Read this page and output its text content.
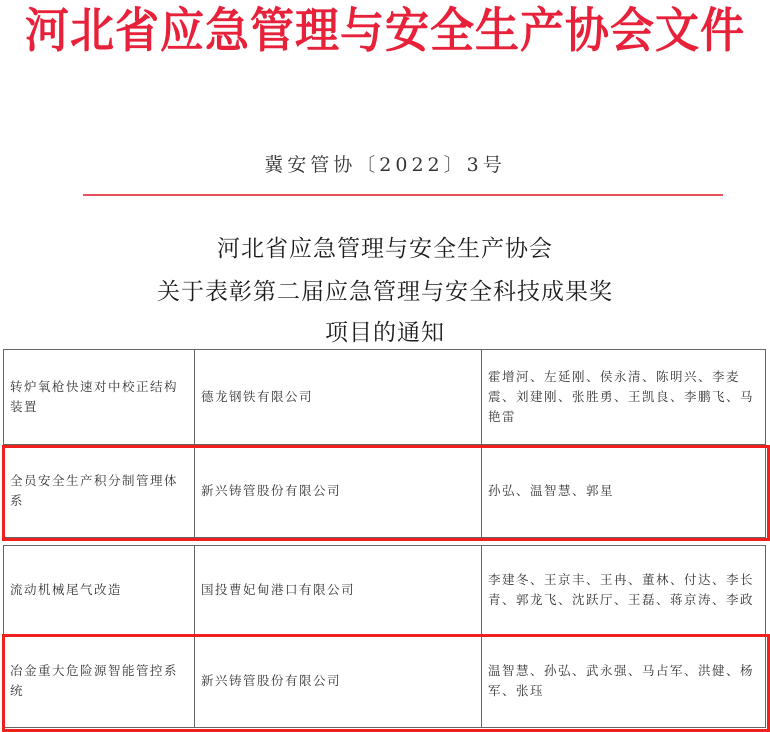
河北省应急管理与安全生产协会文件
冀安管协〔2022〕3号
河北省应急管理与安全生产协会
关于表彰第二届应急管理与安全科技成果奖
项目的通知
转炉氧枪快速对中校正结构装置	德龙钢铁有限公司	霍增河、左延刚、侯永清、陈明兴、李麦震、刘建刚、张胜勇、王凯良、李鹏飞、马艳雷
全员安全生产积分制管理体系	新兴铸管股份有限公司	孙弘、温智慧、郭星
流动机械尾气改造	国投曹妃甸港口有限公司	李建冬、王京丰、王冉、董林、付达、李长青、郭龙飞、沈跃厅、王磊、蒋京涛、李政
冶金重大危险源智能管控系统	新兴铸管股份有限公司	温智慧、孙弘、武永强、马占军、洪健、杨军、张珏
